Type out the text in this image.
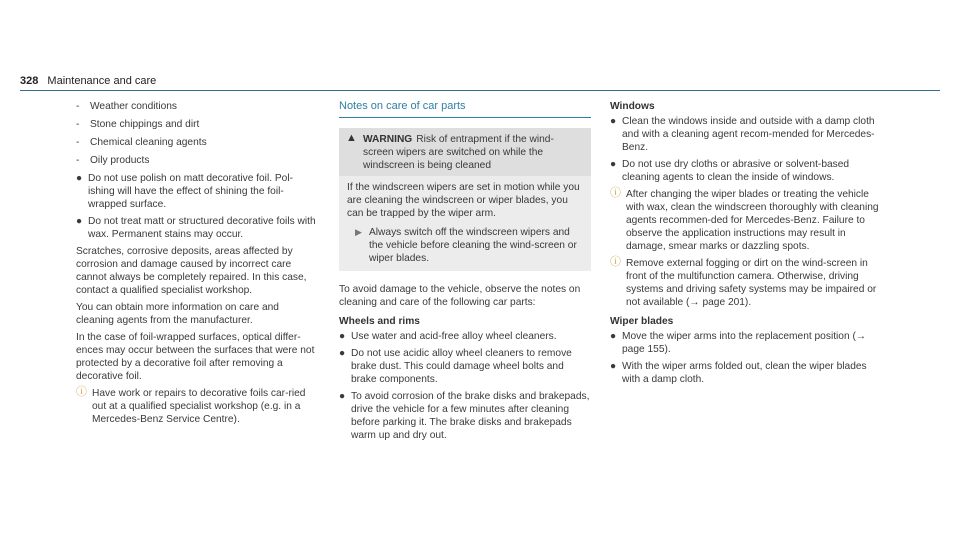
328 Maintenance and care
- Weather conditions
- Stone chippings and dirt
- Chemical cleaning agents
- Oily products
● Do not use polish on matt decorative foil. Pol-ishing will have the effect of shining the foil-wrapped surface.
● Do not treat matt or structured decorative foils with wax. Permanent stains may occur.

Scratches, corrosive deposits, areas affected by corrosion and damage caused by incorrect care cannot always be completely repaired. In this case, contact a qualified specialist workshop.

You can obtain more information on care and cleaning agents from the manufacturer.

In the case of foil-wrapped surfaces, optical differ-ences may occur between the surfaces that were not protected by a decorative foil after removing a decorative foil.

ⓘ Have work or repairs to decorative foils car-ried out at a qualified specialist workshop (e.g. in a Mercedes-Benz Service Centre).
Notes on care of car parts
▲ WARNING Risk of entrapment if the wind-screen wipers are switched on while the windscreen is being cleaned
If the windscreen wipers are set in motion while you are cleaning the windscreen or wiper blades, you can be trapped by the wiper arm.
▶ Always switch off the windscreen wipers and the vehicle before cleaning the wind-screen or wiper blades.

To avoid damage to the vehicle, observe the notes on cleaning and care of the following car parts:

Wheels and rims
● Use water and acid-free alloy wheel cleaners.
● Do not use acidic alloy wheel cleaners to remove brake dust. This could damage wheel bolts and brake components.
● To avoid corrosion of the brake disks and brakepads, drive the vehicle for a few minutes after cleaning before parking it. The brake disks and brakepads warm up and dry out.
Windows
● Clean the windows inside and outside with a damp cloth and with a cleaning agent recom-mended for Mercedes-Benz.
● Do not use dry cloths or abrasive or solvent-based cleaning agents to clean the inside of windows.
ⓘ After changing the wiper blades or treating the vehicle with wax, clean the windscreen thoroughly with cleaning agents recommen-ded for Mercedes-Benz. Failure to observe the application instructions may result in damage, smear marks or dazzling spots.
ⓘ Remove external fogging or dirt on the wind-screen in front of the multifunction camera. Otherwise, driving systems and driving safety systems may be impaired or not available (→ page 201).
Wiper blades
● Move the wiper arms into the replacement position (→ page 155).
● With the wiper arms folded out, clean the wiper blades with a damp cloth.
